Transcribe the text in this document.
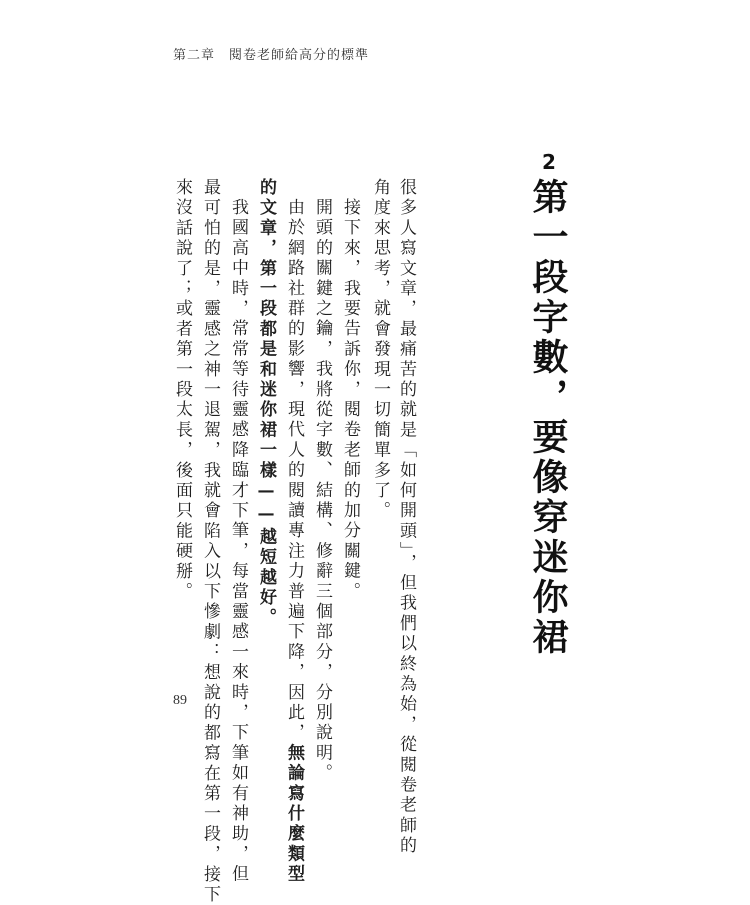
第二章　閱卷老師給高分的標準
2
第一段字數，要像穿迷你裙
很多人寫文章，最痛苦的就是「如何開頭」，但我們以終為始，從閱卷老師的
角度來思考，就會發現一切簡單多了。
接下來，我要告訴你，閱卷老師的加分關鍵。
開頭的關鍵之鑰，我將從字數、結構、修辭三個部分，分別說明。
由於網路社群的影響，現代人的閱讀專注力普遍下降，因此，無論寫什麼類型
的文章，第一段都是和迷你裙一樣——越短越好。
我國高中時，常常等待靈感降臨才下筆，每當靈感一來時，下筆如有神助，但
最可怕的是，靈感之神一退駕，我就會陷入以下慘劇：想說的都寫在第一段，接下
來沒話說了；或者第一段太長，後面只能硬掰。
89
